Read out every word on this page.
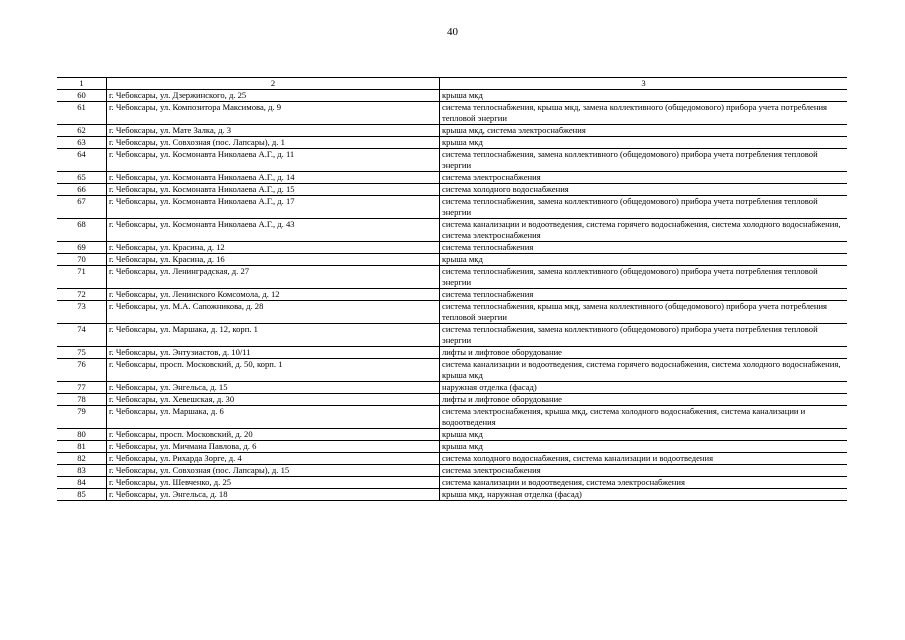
40
1	2	3
60	г. Чебоксары, ул. Дзержинского, д. 25	крыша мкд
61	г. Чебоксары, ул. Композитора Максимова, д. 9	система теплоснабжения, крыша мкд, замена коллективного (общедомового) прибора учета потребления тепловой энергии
62	г. Чебоксары, ул. Мате Залка, д. 3	крыша мкд, система электроснабжения
63	г. Чебоксары, ул. Совхозная (пос. Лапсары), д. 1	крыша мкд
64	г. Чебоксары, ул. Космонавта Николаева А.Г., д. 11	система теплоснабжения, замена коллективного (общедомового) прибора учета потребления тепловой энергии
65	г. Чебоксары, ул. Космонавта Николаева А.Г., д. 14	система электроснабжения
66	г. Чебоксары, ул. Космонавта Николаева А.Г., д. 15	система холодного водоснабжения
67	г. Чебоксары, ул. Космонавта Николаева А.Г., д. 17	система теплоснабжения, замена коллективного (общедомового) прибора учета потребления тепловой энергии
68	г. Чебоксары, ул. Космонавта Николаева А.Г., д. 43	система канализации и водоотведения, система горячего водоснабжения, система холодного водоснабжения, система электроснабжения
69	г. Чебоксары, ул. Красина, д. 12	система теплоснабжения
70	г. Чебоксары, ул. Красина, д. 16	крыша мкд
71	г. Чебоксары, ул. Ленинградская, д. 27	система теплоснабжения, замена коллективного (общедомового) прибора учета потребления тепловой энергии
72	г. Чебоксары, ул. Ленинского Комсомола, д. 12	система теплоснабжения
73	г. Чебоксары, ул. М.А. Сапожникова, д. 28	система теплоснабжения, крыша мкд, замена коллективного (общедомового) прибора учета потребления тепловой энергии
74	г. Чебоксары, ул. Маршака, д. 12, корп. 1	система теплоснабжения, замена коллективного (общедомового) прибора учета потребления тепловой энергии
75	г. Чебоксары, ул. Энтузиастов, д. 10/11	лифты и лифтовое оборудование
76	г. Чебоксары, просп. Московский, д. 50, корп. 1	система канализации и водоотведения, система горячего водоснабжения, система холодного водоснабжения, крыша мкд
77	г. Чебоксары, ул. Энгельса, д. 15	наружная отделка (фасад)
78	г. Чебоксары, ул. Хевешская, д. 30	лифты и лифтовое оборудование
79	г. Чебоксары, ул. Маршака, д. 6	система электроснабжения, крыша мкд, система холодного водоснабжения, система канализации и водоотведения
80	г. Чебоксары, просп. Московский, д. 20	крыша мкд
81	г. Чебоксары, ул. Мичмана Павлова, д. 6	крыша мкд
82	г. Чебоксары, ул. Рихарда Зорге, д. 4	система холодного водоснабжения, система канализации и водоотведения
83	г. Чебоксары, ул. Совхозная (пос. Лапсары), д. 15	система электроснабжения
84	г. Чебоксары, ул. Шевченко, д. 25	система канализации и водоотведения, система электроснабжения
85	г. Чебоксары, ул. Энгельса, д. 18	крыша мкд, наружная отделка (фасад)
